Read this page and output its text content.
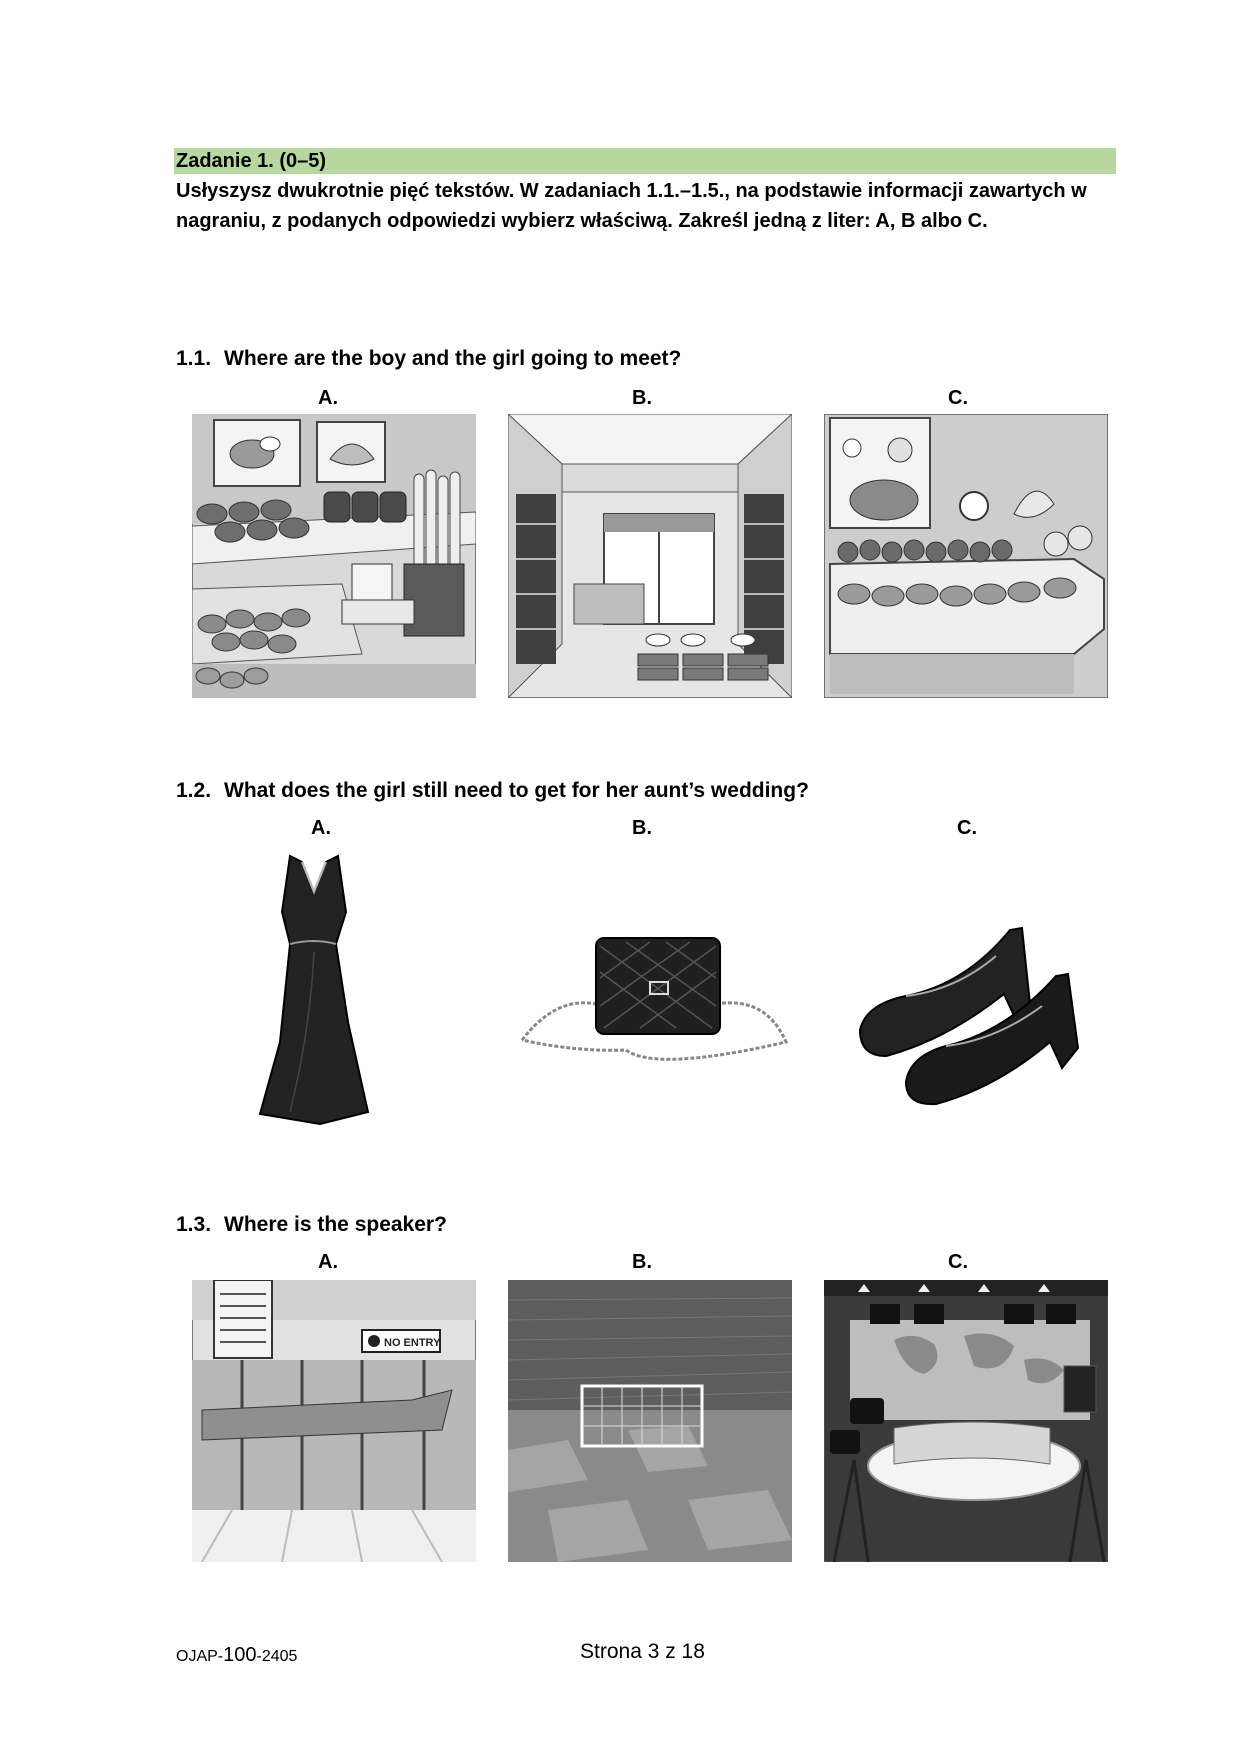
Zadanie 1. (0–5)
Usłyszysz dwukrotnie pięć tekstów. W zadaniach 1.1.–1.5., na podstawie informacji zawartych w nagraniu, z podanych odpowiedzi wybierz właściwą. Zakreśl jedną z liter: A, B albo C.
1.1. Where are the boy and the girl going to meet?
A.	B.	C.
1.2. What does the girl still need to get for her aunt’s wedding?
A.	B.	C.
1.3. Where is the speaker?
A.	B.	C.
NO ENTRY
OJAP-100-2405	Strona 3 z 18
